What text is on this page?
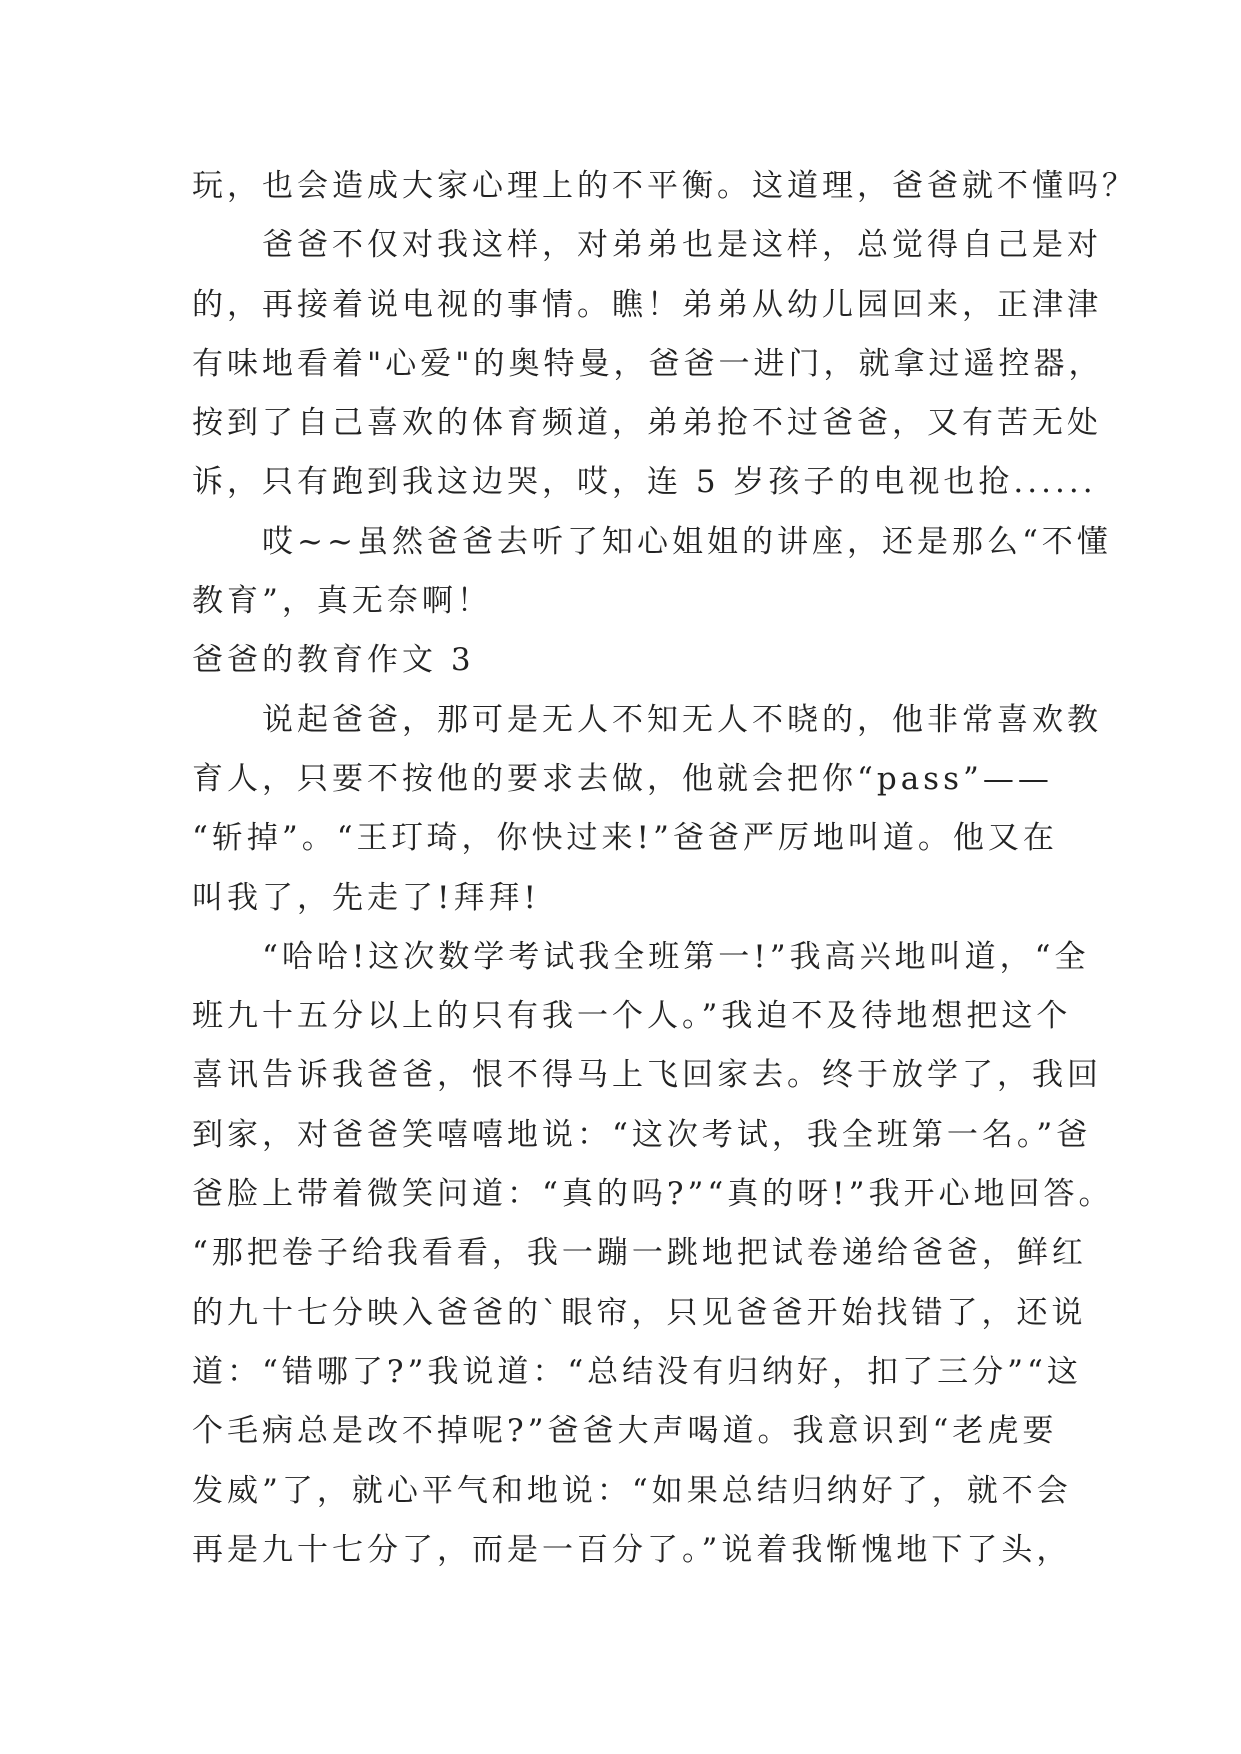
玩，也会造成大家心理上的不平衡。这道理，爸爸就不懂吗？
　　爸爸不仅对我这样，对弟弟也是这样，总觉得自己是对
的，再接着说电视的事情。瞧！弟弟从幼儿园回来，正津津
有味地看着"心爱"的奥特曼，爸爸一进门，就拿过遥控器，
按到了自己喜欢的体育频道，弟弟抢不过爸爸，又有苦无处
诉，只有跑到我这边哭，哎，连 5 岁孩子的电视也抢......
　　哎~~虽然爸爸去听了知心姐姐的讲座，还是那么“不懂
教育”，真无奈啊！
爸爸的教育作文 3
　　说起爸爸，那可是无人不知无人不晓的，他非常喜欢教
育人，只要不按他的要求去做，他就会把你“pass”——
“斩掉”。“王玎琦，你快过来!”爸爸严厉地叫道。他又在
叫我了，先走了!拜拜!
　　“哈哈!这次数学考试我全班第一!”我高兴地叫道，“全
班九十五分以上的只有我一个人。”我迫不及待地想把这个
喜讯告诉我爸爸，恨不得马上飞回家去。终于放学了，我回
到家，对爸爸笑嘻嘻地说：“这次考试，我全班第一名。”爸
爸脸上带着微笑问道：“真的吗?”“真的呀!”我开心地回答。
“那把卷子给我看看，我一蹦一跳地把试卷递给爸爸，鲜红
的九十七分映入爸爸的`眼帘，只见爸爸开始找错了，还说
道：“错哪了?”我说道：“总结没有归纳好，扣了三分”“这
个毛病总是改不掉呢?”爸爸大声喝道。我意识到“老虎要
发威”了，就心平气和地说：“如果总结归纳好了，就不会
再是九十七分了，而是一百分了。”说着我惭愧地下了头，
